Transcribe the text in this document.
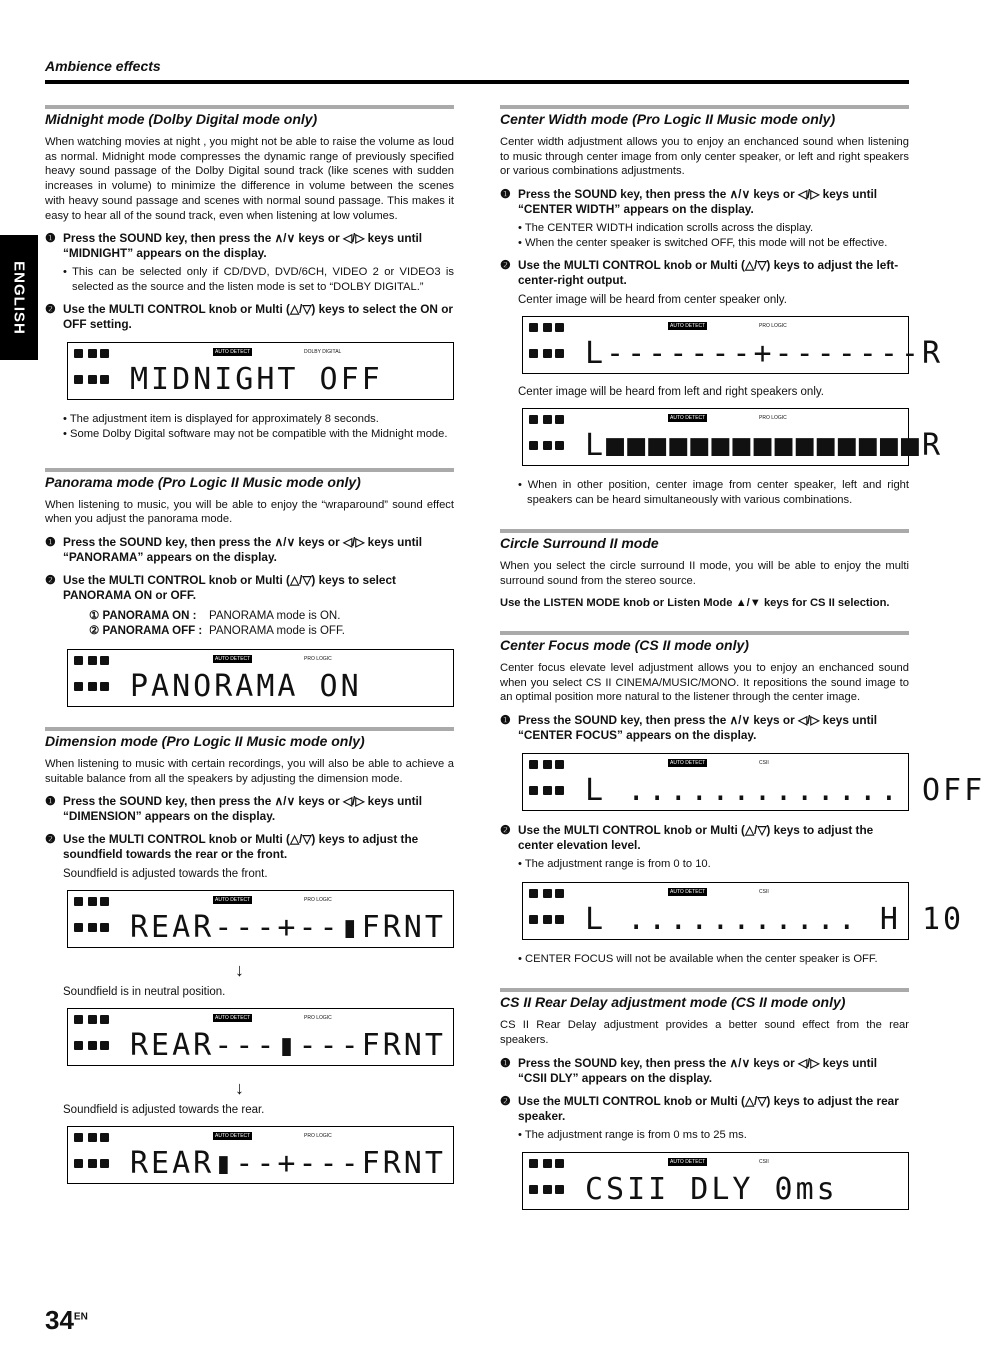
Ambience effects
ENGLISH
Midnight mode (Dolby Digital mode only)

When watching movies at night , you might not be able to raise the volume as loud as normal. Midnight mode compresses the dynamic range of previously specified heavy sound passage of the Dolby Digital sound track (like scenes with sudden increases in volume) to minimize the difference in volume between the scenes with heavy sound passage and scenes with normal sound passage. This makes it easy to hear all of the sound track, even when listening at low volumes.

❶ Press the SOUND key, then press the ∧/∨ keys or ◁/▷ keys until “MIDNIGHT” appears on the display.
• This can be selected only if CD/DVD, DVD/6CH, VIDEO 2 or VIDEO3 is selected as the source and the listen mode is set to “DOLBY DIGITAL.”
❷ Use the MULTI CONTROL knob or Multi (△/▽) keys to select the ON or OFF setting.
AUTO DETECT	DOLBY DIGITAL
MIDNIGHT OFF
• The adjustment item is displayed for approximately 8 seconds.
• Some Dolby Digital software may not be compatible with the Midnight mode.
Panorama mode (Pro Logic II Music mode only)

When listening to music, you will be able to enjoy the “wraparound” sound effect when you adjust the panorama mode.

❶ Press the SOUND key, then press the ∧/∨ keys or ◁/▷ keys until “PANORAMA” appears on the display.
❷ Use the MULTI CONTROL knob or Multi (△/▽) keys to select PANORAMA ON or OFF.
① PANORAMA ON : PANORAMA mode is ON.
② PANORAMA OFF : PANORAMA mode is OFF.
AUTO DETECT	PRO LOGIC
PANORAMA ON
Dimension mode (Pro Logic II Music mode only)

When listening to music with certain recordings, you will also be able to achieve a suitable balance from all the speakers by adjusting the dimension mode.

❶ Press the SOUND key, then press the ∧/∨ keys or ◁/▷ keys until “DIMENSION” appears on the display.
❷ Use the MULTI CONTROL knob or Multi (△/▽) keys to adjust the soundfield towards the rear or the front.
Soundfield is adjusted towards the front.
AUTO DETECT	PRO LOGIC
REAR---+--▮FRNT
↓
Soundfield is in neutral position.
AUTO DETECT	PRO LOGIC
REAR---▮---FRNT
↓
Soundfield is adjusted towards the rear.
AUTO DETECT	PRO LOGIC
REAR▮--+---FRNT
Center Width mode (Pro Logic II Music mode only)

Center width adjustment allows you to enjoy an enchanced sound when listening to music through center image from only center speaker, or left and right speakers or various combinations adjustments.

❶ Press the SOUND key, then press the ∧/∨ keys or ◁/▷ keys until “CENTER WIDTH” appears on the display.
• The CENTER WIDTH indication scrolls across the display.
• When the center speaker is switched OFF, this mode will not be effective.
❷ Use the MULTI CONTROL knob or Multi (△/▽) keys to adjust the left-center-right output.
Center image will be heard from center speaker only.
AUTO DETECT	PRO LOGIC
L-------+-------R
Center image will be heard from left and right speakers only.
AUTO DETECT	PRO LOGIC
L■■■■■■■■■■■■■■■R
• When in other position, center image from center speaker, left and right speakers can be heard simultaneously with various combinations.
Circle Surround II mode

When you select the circle surround II mode, you will be able to enjoy the multi surround sound from the stereo source.

Use the LISTEN MODE knob or Listen Mode ▲/▼ keys for CS II selection.
Center Focus mode (CS II mode only)

Center focus elevate level adjustment allows you to enjoy an enchanced sound when you select CS II CINEMA/MUSIC/MONO. It repositions the sound image to an optimal position more natural to the listener through the center image.

❶ Press the SOUND key, then press the ∧/∨ keys or ◁/▷ keys until “CENTER FOCUS” appears on the display.
AUTO DETECT	CSII
L ............. OFF
❷ Use the MULTI CONTROL knob or Multi (△/▽) keys to adjust the center elevation level.
• The adjustment range is from 0 to 10.
AUTO DETECT	CSII
L ........... H 10
• CENTER FOCUS will not be available when the center speaker is OFF.
CS II Rear Delay adjustment mode (CS II mode only)

CS II Rear Delay adjustment provides a better sound effect from the rear speakers.

❶ Press the SOUND key, then press the ∧/∨ keys or ◁/▷ keys until “CSII DLY” appears on the display.
❷ Use the MULTI CONTROL knob or Multi (△/▽) keys to adjust the rear speaker.
• The adjustment range is from 0 ms to 25 ms.
AUTO DETECT	CSII
CSII DLY 0ms
$34^{EN}$
